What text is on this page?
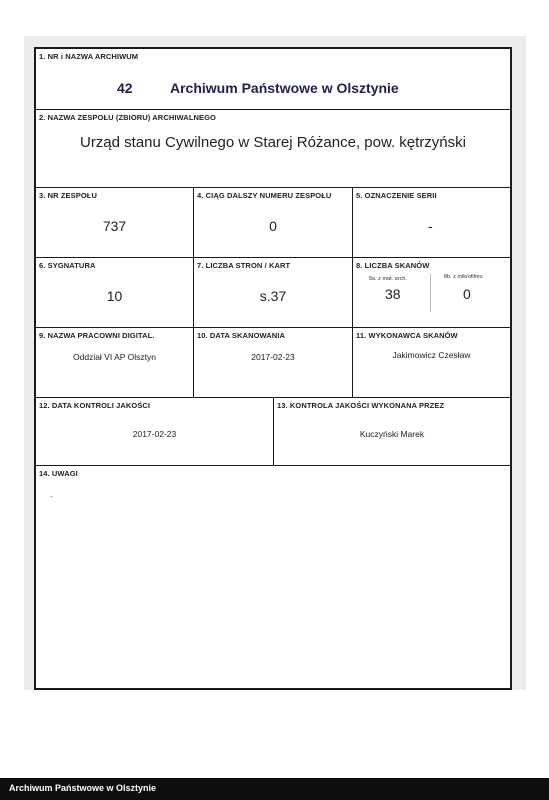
1. NR i NAZWA ARCHIWUM
42	Archiwum Państwowe w Olsztynie
2. NAZWA ZESPOŁU (ZBIORU) ARCHIWALNEGO
Urząd stanu Cywilnego w Starej Różance, pow. kętrzyński
3. NR ZESPOŁU
737
4. CIĄG DALSZY NUMERU ZESPOŁU
0
5. OZNACZENIE SERII
-
6. SYGNATURA
10
7. LICZBA STRON / KART
s.37
8. LICZBA SKANÓW
8a. z mat. arch.
38
8b. z mikrofilmu
0
9. NAZWA PRACOWNI DIGITAL.
Oddział VI AP Olsztyn
10. DATA SKANOWANIA
2017-02-23
11. WYKONAWCA SKANÓW
Jakimowicz Czesław
12. DATA KONTROLI JAKOŚCI
2017-02-23
13. KONTROLA JAKOŚCI WYKONANA PRZEZ
Kuczyński Marek
14. UWAGI
-
Archiwum Państwowe w Olsztynie
